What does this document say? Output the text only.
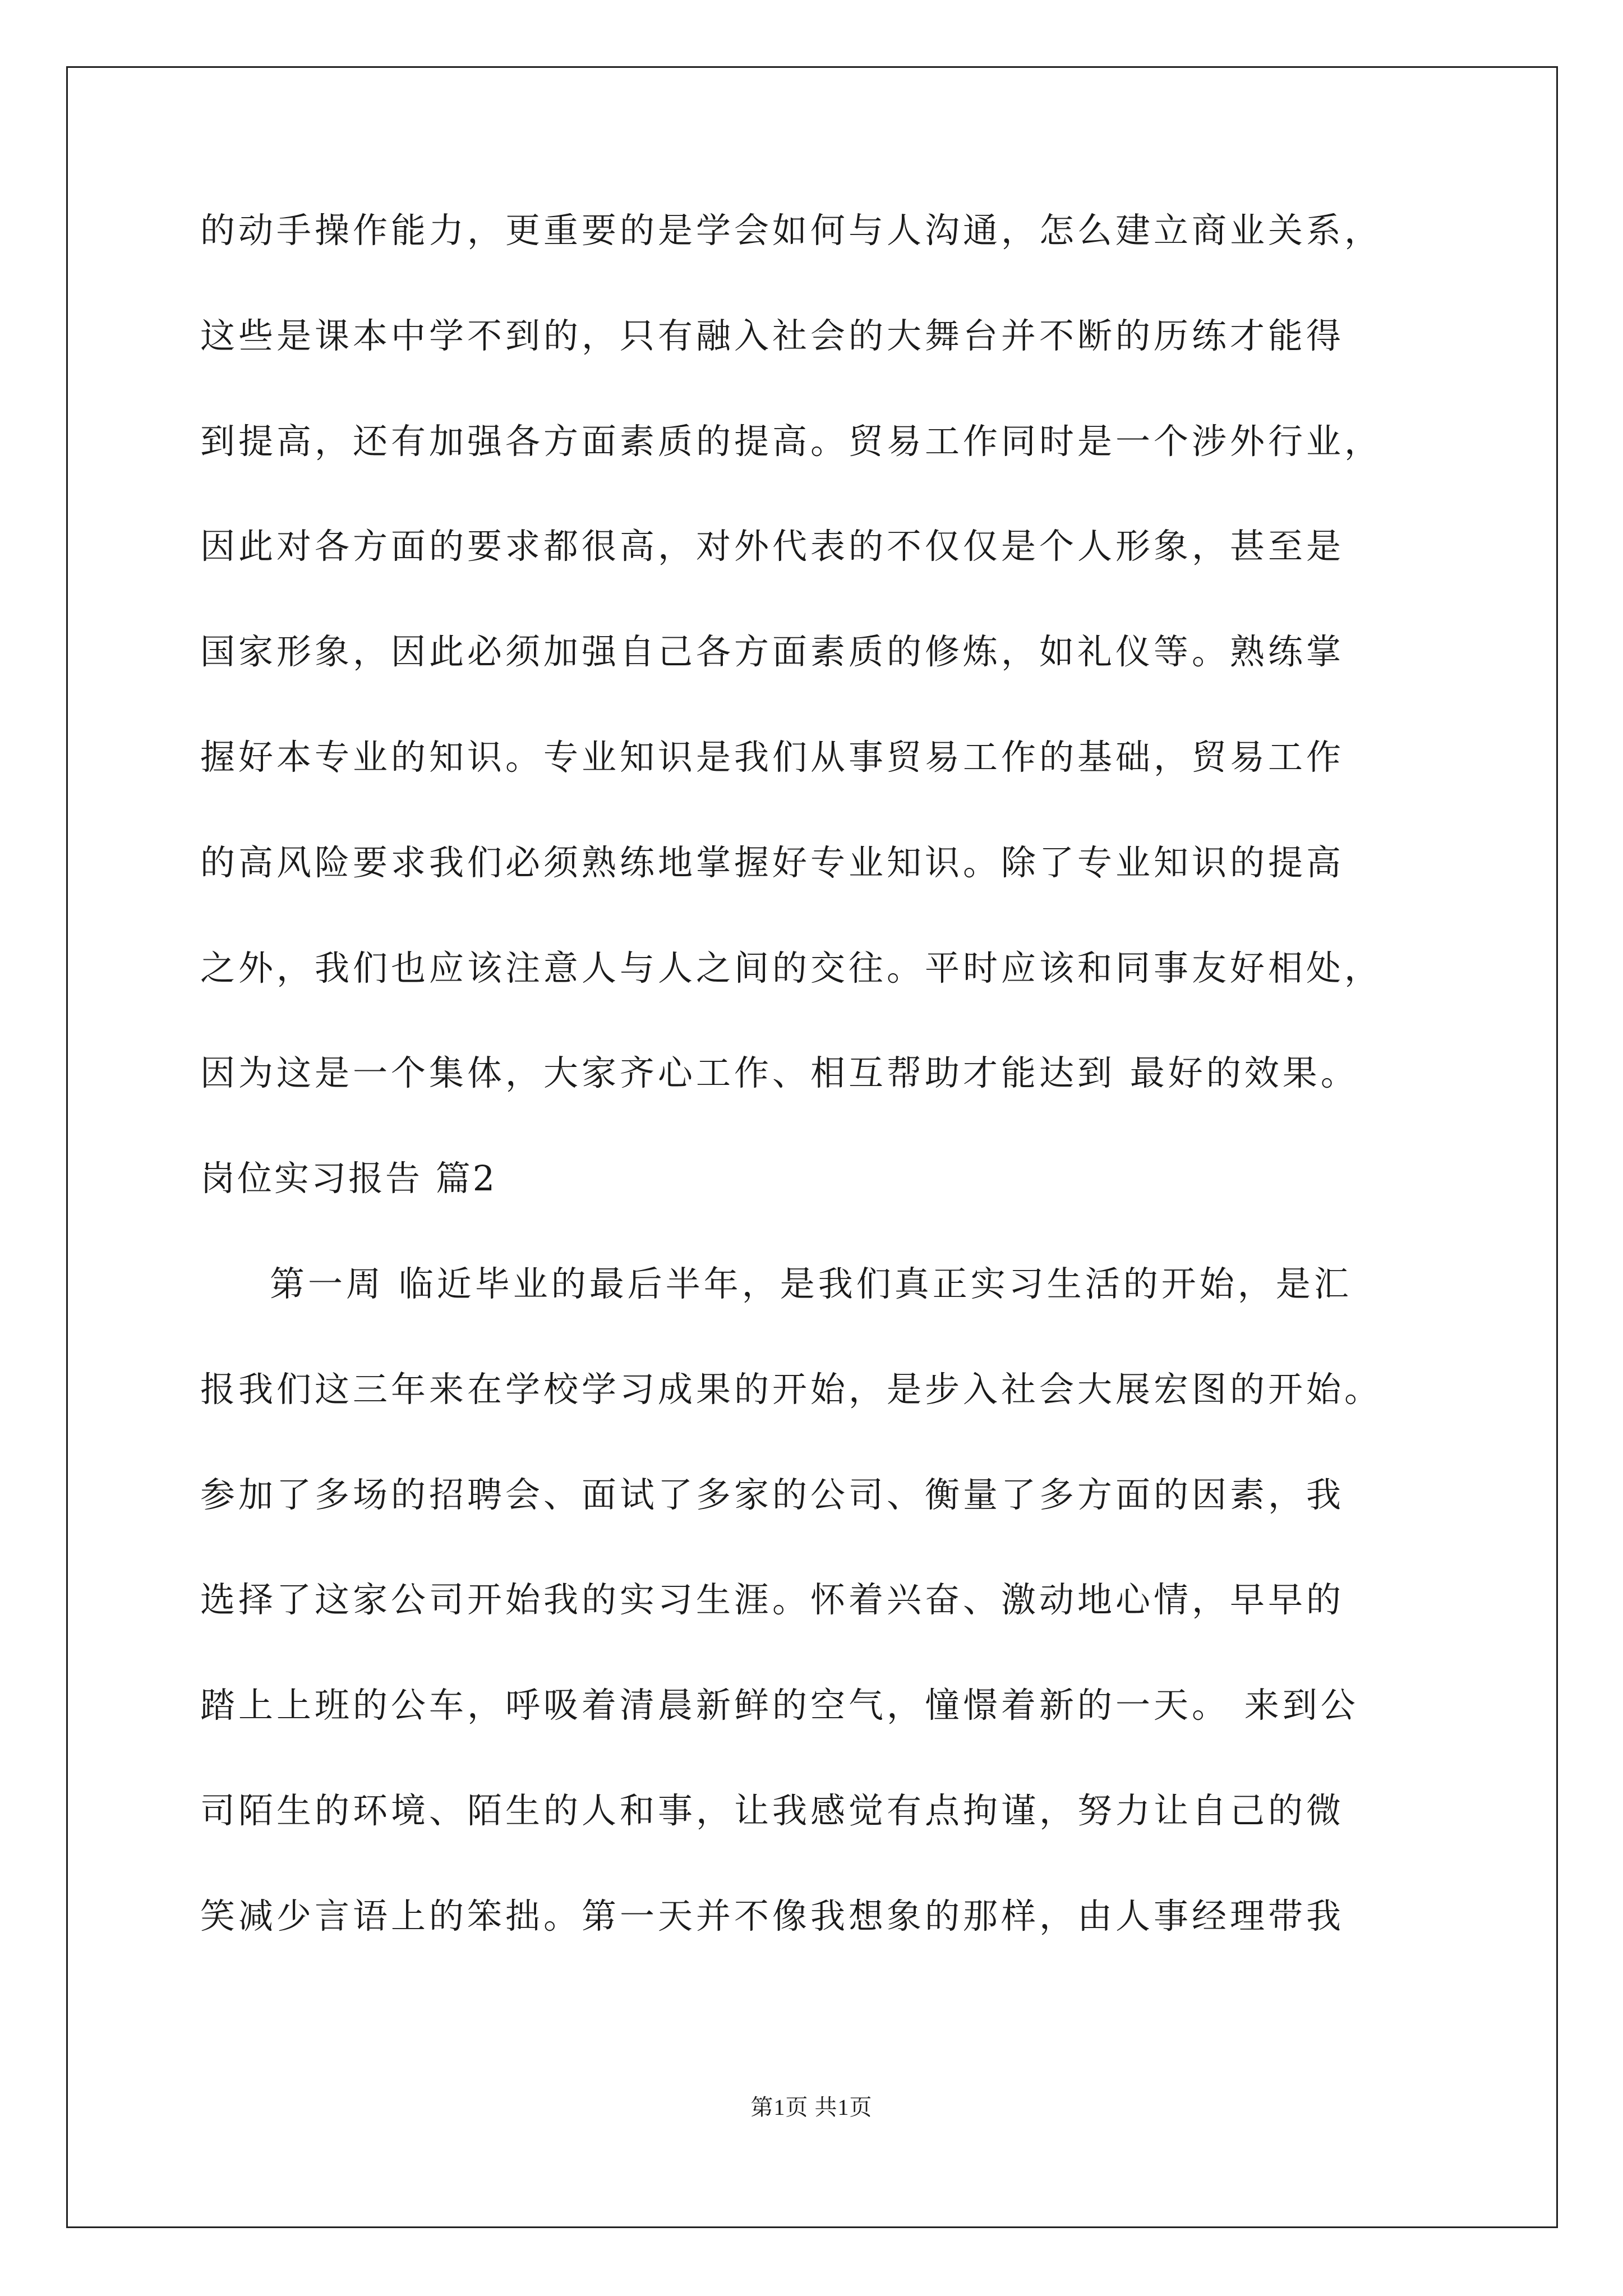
的动手操作能力，更重要的是学会如何与人沟通，怎么建立商业关系，
这些是课本中学不到的，只有融入社会的大舞台并不断的历练才能得
到提高，还有加强各方面素质的提高。贸易工作同时是一个涉外行业，
因此对各方面的要求都很高，对外代表的不仅仅是个人形象，甚至是
国家形象，因此必须加强自己各方面素质的修炼，如礼仪等。熟练掌
握好本专业的知识。专业知识是我们从事贸易工作的基础，贸易工作
的高风险要求我们必须熟练地掌握好专业知识。除了专业知识的提高
之外，我们也应该注意人与人之间的交往。平时应该和同事友好相处，
因为这是一个集体，大家齐心工作、相互帮助才能达到 最好的效果。
岗位实习报告 篇2
第一周 临近毕业的最后半年，是我们真正实习生活的开始，是汇
报我们这三年来在学校学习成果的开始，是步入社会大展宏图的开始。
参加了多场的招聘会、面试了多家的公司、衡量了多方面的因素，我
选择了这家公司开始我的实习生涯。怀着兴奋、激动地心情，早早的
踏上上班的公车，呼吸着清晨新鲜的空气，憧憬着新的一天。 来到公
司陌生的环境、陌生的人和事，让我感觉有点拘谨，努力让自己的微
笑减少言语上的笨拙。第一天并不像我想象的那样，由人事经理带我
第1页 共1页
